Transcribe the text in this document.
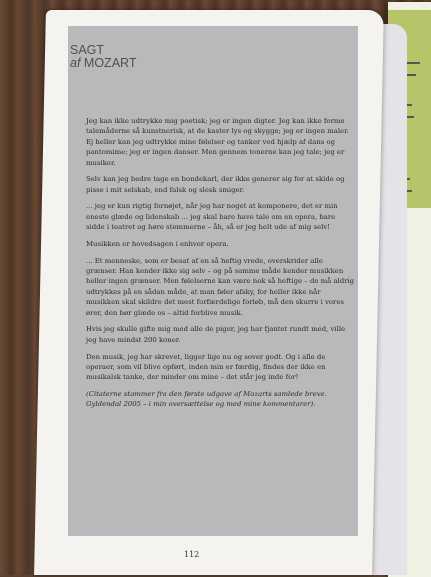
SAGT
af MOZART

Jeg kan ikke udtrykke mig poetisk; jeg er ingen digter. Jeg kan ikke forme talemåderne så kunstnerisk, at de kaster lys og skygge; jeg er ingen maler. Ej heller kan jeg udtrykke mine følelser og tanker ved hjælp af dans og pantomime; jeg er ingen danser. Men gennem tonerne kan jeg tale; jeg er musiker.

Selv kan jeg bedre tage en bondekarl, der ikke generer sig for at skide og pisse i mit selskab, end falsk og slesk smiger.

... jeg er kun rigtig fornøjet, når jeg har noget at komponere, det er min eneste glæde og lidenskab ... jeg skal bare have tale om en opera, bare sidde i teatret og høre stemmerne – åh, så er jeg helt ude af mig selv!

Musikken er hovedsagen i enhver opera.

... Et menneske, som er besat af en så heftig vrede, overskrider alle grænser. Han kender ikke sig selv – og på samme måde kender musikken heller ingen grænser. Men følelserne kan være nok så heftige – de må aldrig udtrykkes på en sådan måde, at man føler afsky, for heller ikke når musikken skal skildre det mest forfærdelige forløb, må den skurre i vores ører, den bør glæde os – altid forblive musik.

Hvis jeg skulle gifte mig med alle de piger, jeg har fjantet rundt med, ville jeg have mindst 200 koner.

Den musik, jeg har skrevet, ligger lige nu og sover godt. Og i alle de operaer, som vil blive opført, inden min er færdig, findes der ikke en musikalsk tanke, der minder om mine – det står jeg inde for!

(Citaterne stammer fra den første udgave af Mozarts samlede breve. Gyldendal 2005 – i min oversættelse og med mine kommentarer).

112
